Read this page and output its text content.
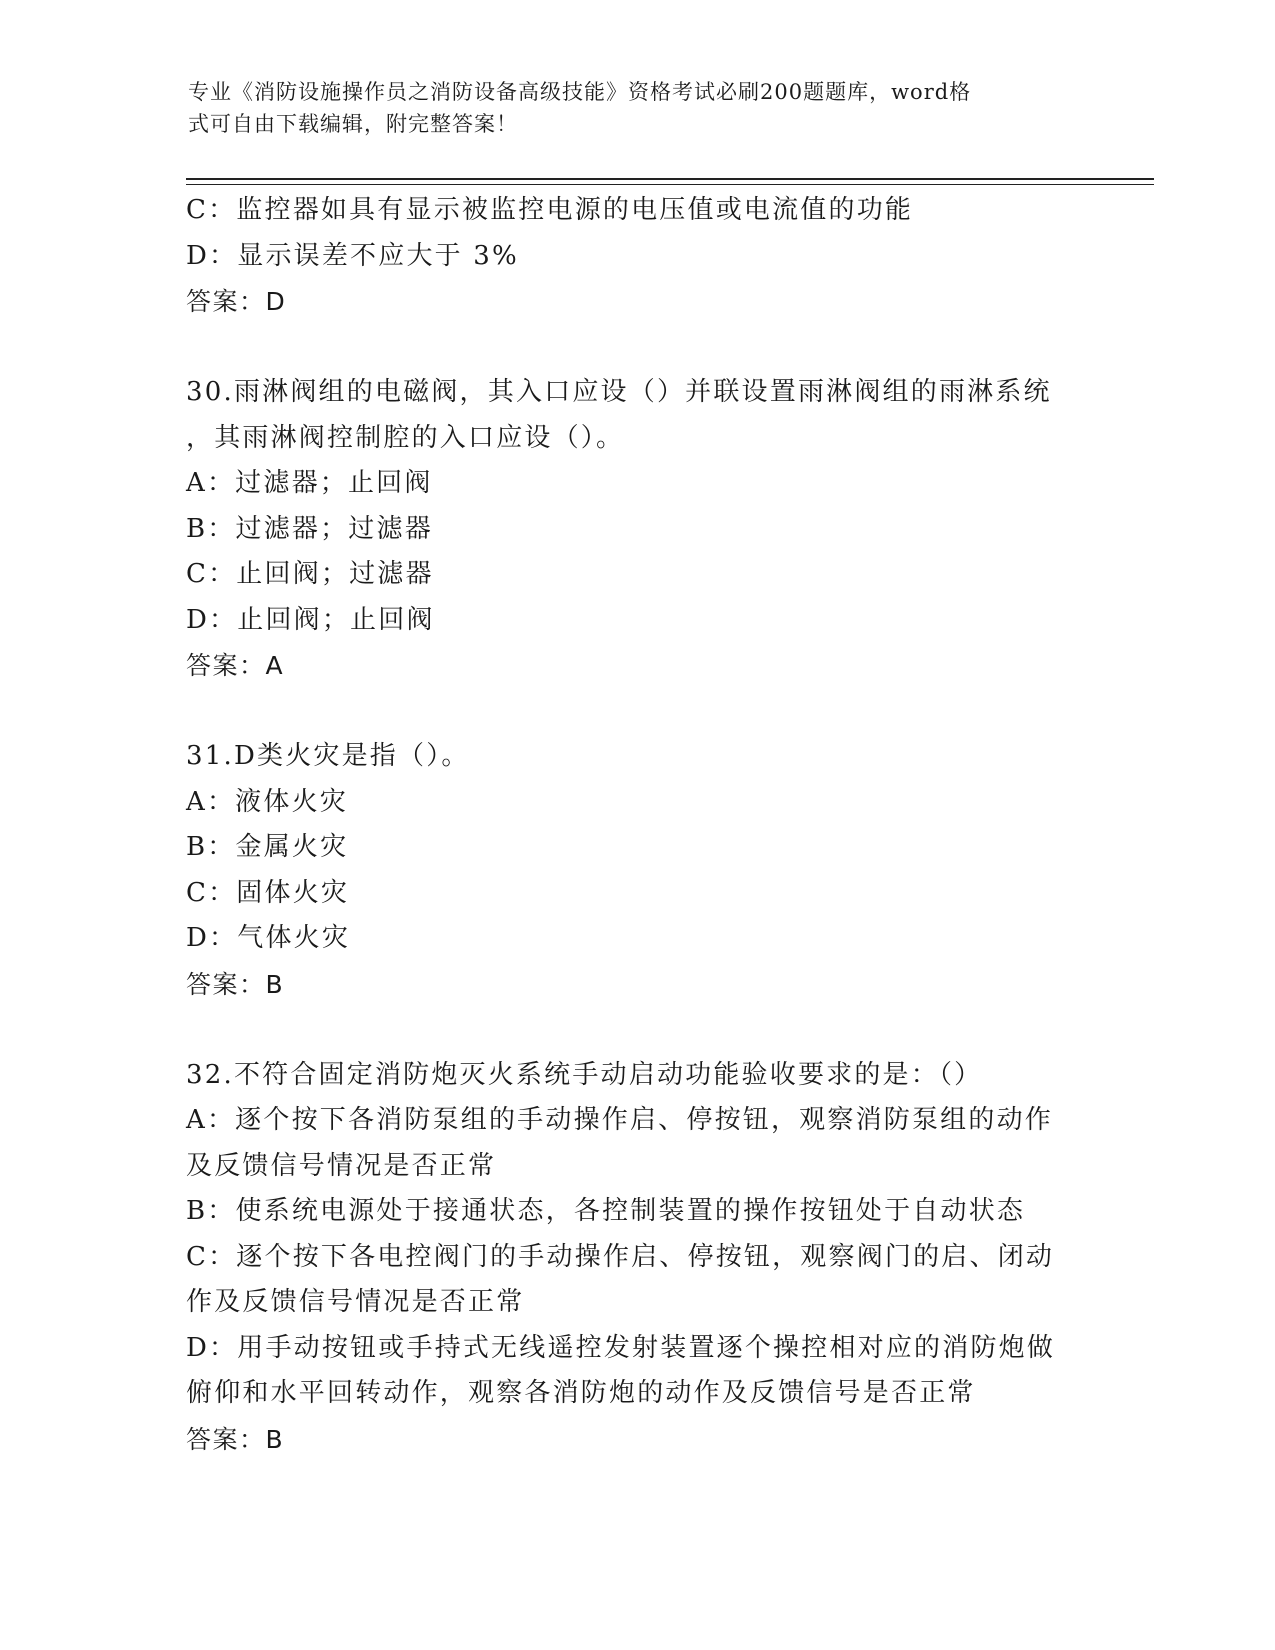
专业《消防设施操作员之消防设备高级技能》资格考试必刷200题题库，word格
式可自由下载编辑，附完整答案！
C：监控器如具有显示被监控电源的电压值或电流值的功能
D：显示误差不应大于 3%
答案：D
30.雨淋阀组的电磁阀，其入口应设（）并联设置雨淋阀组的雨淋系统
，其雨淋阀控制腔的入口应设（）。
A：过滤器；止回阀
B：过滤器；过滤器
C：止回阀；过滤器
D：止回阀；止回阀
答案：A
31.D类火灾是指（）。
A：液体火灾
B：金属火灾
C：固体火灾
D：气体火灾
答案：B
32.不符合固定消防炮灭火系统手动启动功能验收要求的是：（）
A：逐个按下各消防泵组的手动操作启、停按钮，观察消防泵组的动作
及反馈信号情况是否正常
B：使系统电源处于接通状态，各控制装置的操作按钮处于自动状态
C：逐个按下各电控阀门的手动操作启、停按钮，观察阀门的启、闭动
作及反馈信号情况是否正常
D：用手动按钮或手持式无线遥控发射装置逐个操控相对应的消防炮做
俯仰和水平回转动作，观察各消防炮的动作及反馈信号是否正常
答案：B
